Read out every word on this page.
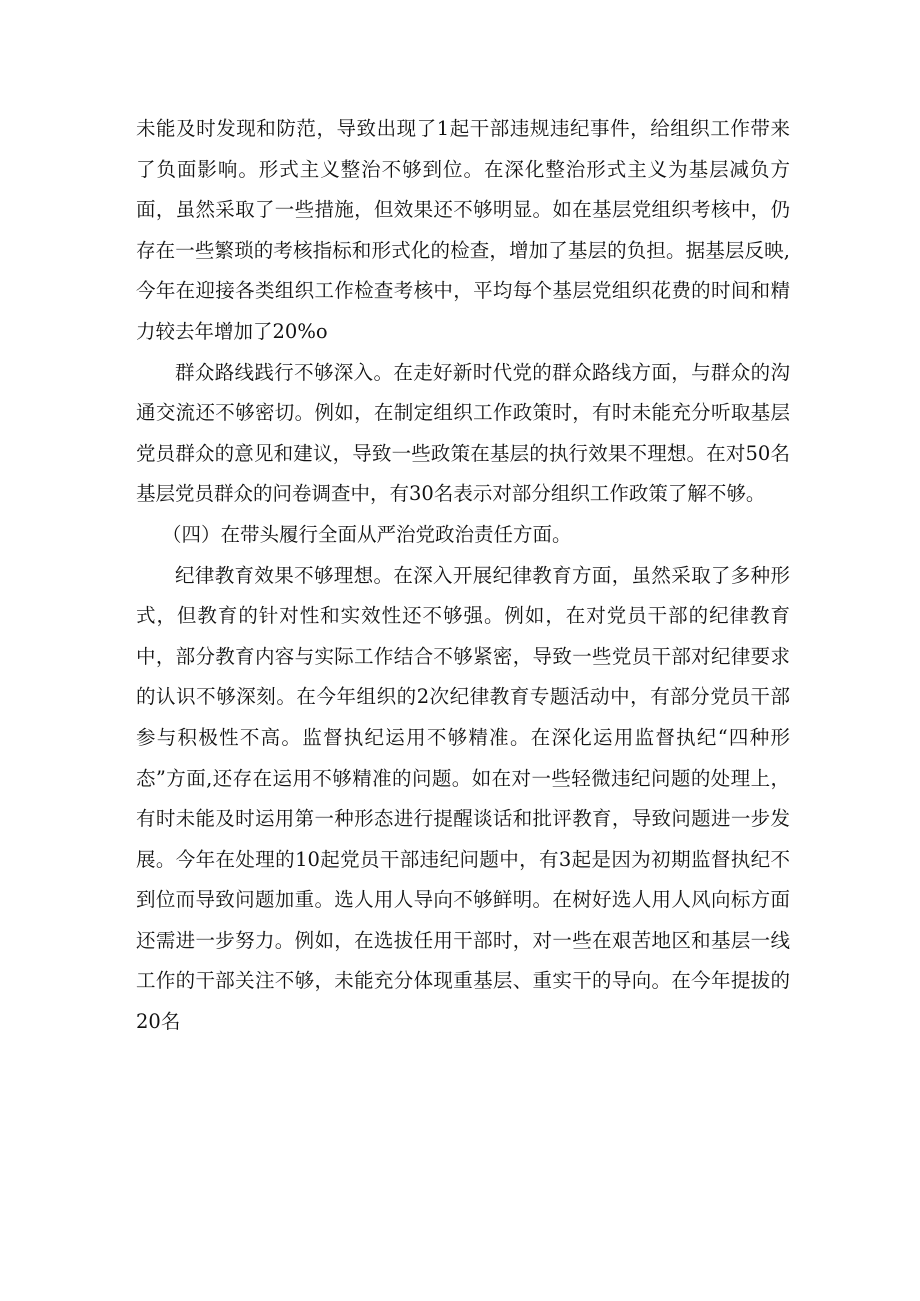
未能及时发现和防范，导致出现了1起干部违规违纪事件，给组织工作带来了负面影响。形式主义整治不够到位。在深化整治形式主义为基层减负方面，虽然采取了一些措施，但效果还不够明显。如在基层党组织考核中，仍存在一些繁琐的考核指标和形式化的检查，增加了基层的负担。据基层反映,今年在迎接各类组织工作检查考核中，平均每个基层党组织花费的时间和精力较去年增加了20%o

群众路线践行不够深入。在走好新时代党的群众路线方面，与群众的沟通交流还不够密切。例如，在制定组织工作政策时，有时未能充分听取基层党员群众的意见和建议，导致一些政策在基层的执行效果不理想。在对50名基层党员群众的问卷调查中，有30名表示对部分组织工作政策了解不够。

（四）在带头履行全面从严治党政治责任方面。

纪律教育效果不够理想。在深入开展纪律教育方面，虽然采取了多种形式，但教育的针对性和实效性还不够强。例如，在对党员干部的纪律教育中，部分教育内容与实际工作结合不够紧密，导致一些党员干部对纪律要求的认识不够深刻。在今年组织的2次纪律教育专题活动中，有部分党员干部参与积极性不高。监督执纪运用不够精准。在深化运用监督执纪“四种形态”方面,还存在运用不够精准的问题。如在对一些轻微违纪问题的处理上，有时未能及时运用第一种形态进行提醒谈话和批评教育，导致问题进一步发展。今年在处理的10起党员干部违纪问题中，有3起是因为初期监督执纪不到位而导致问题加重。选人用人导向不够鲜明。在树好选人用人风向标方面还需进一步努力。例如，在选拔任用干部时，对一些在艰苦地区和基层一线工作的干部关注不够，未能充分体现重基层、重实干的导向。在今年提拔的20名
